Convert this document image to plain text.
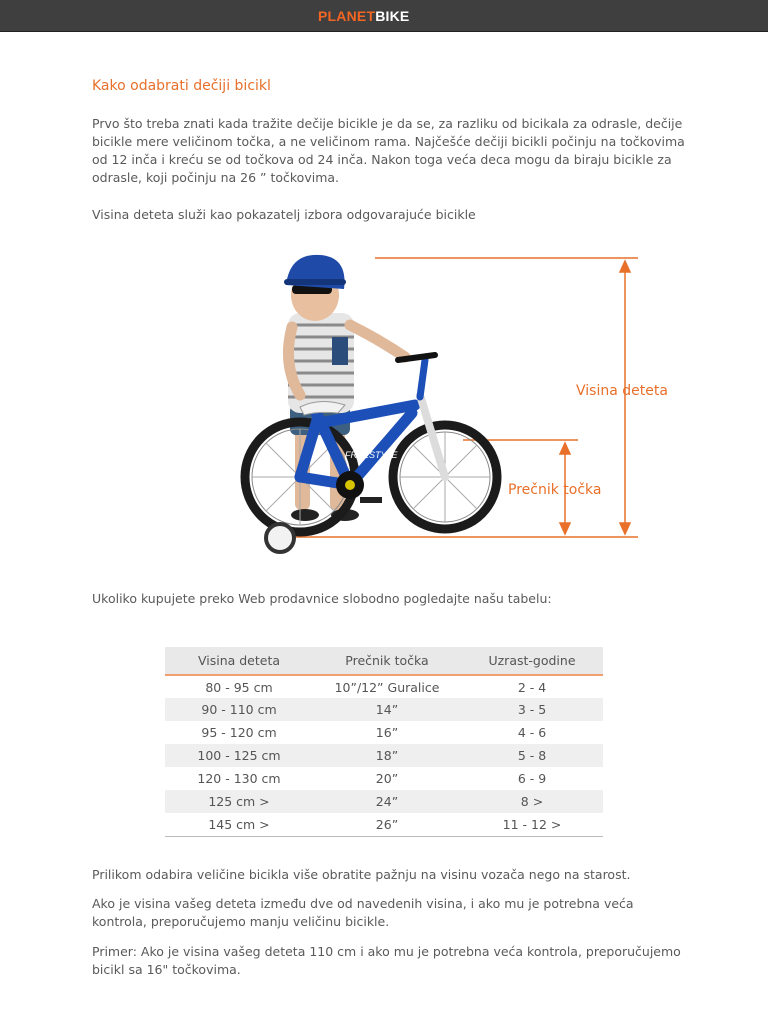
PLANETBIKE
Kako odabrati dečiji bicikl
Prvo što treba znati kada tražite dečije bicikle je da se, za razliku od bicikala za odrasle, dečije bicikle mere veličinom točka, a ne veličinom rama. Najčešće dečiji bicikli počinju na točkovima od 12 inča i kreću se od točkova od 24 inča. Nakon toga veća deca mogu da biraju bicikle za odrasle, koji počinju na 26 ” točkovima.
Visina deteta služi kao pokazatelj izbora odgovarajuće bicikle
FREESTYLE
Visina deteta
Prečnik točka
Ukoliko kupujete preko Web prodavnice slobodno pogledajte našu tabelu:
Visina deteta	Prečnik točka	Uzrast-godine
80 - 95 cm	10”/12” Guralice	2 - 4
90 - 110 cm	14”	3 - 5
95 - 120 cm	16”	4 - 6
100 - 125 cm	18”	5 - 8
120 - 130 cm	20”	6 - 9
125 cm >	24”	8 >
145 cm >	26”	11 - 12 >
Prilikom odabira veličine bicikla više obratite pažnju na visinu vozača nego na starost.
Ako je visina vašeg deteta između dve od navedenih visina, i ako mu je potrebna veća kontrola, preporučujemo manju veličinu bicikle.
Primer: Ako je visina vašeg deteta 110 cm i ako mu je potrebna veća kontrola, preporučujemo bicikl sa 16" točkovima.
